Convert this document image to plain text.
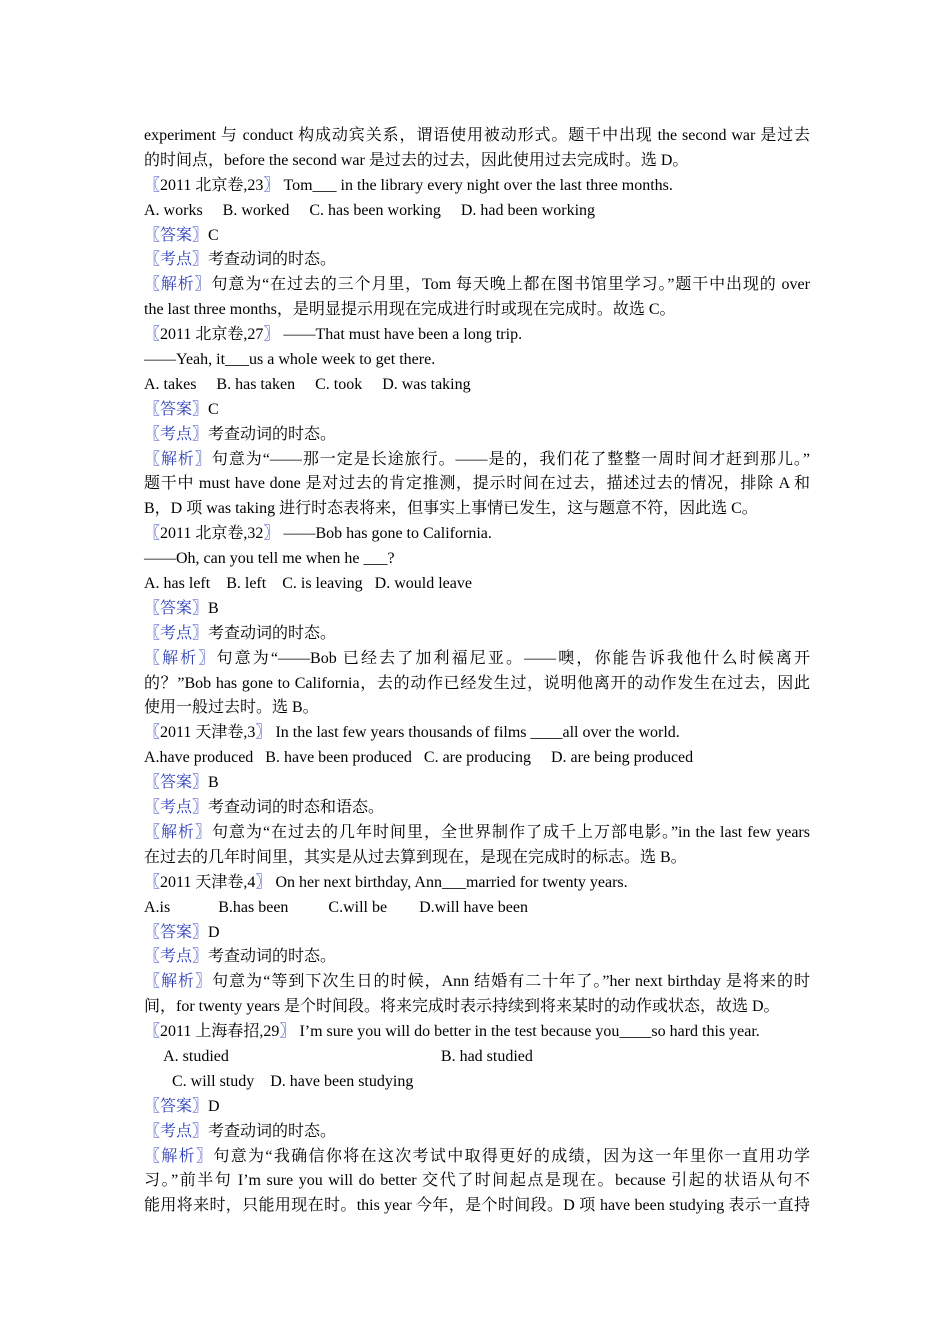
experiment 与 conduct 构成动宾关系，谓语使用被动形式。题干中出现 the second war 是过去
的时间点，before the second war 是过去的过去，因此使用过去完成时。选 D。
〖2011 北京卷,23〗 Tom___ in the library every night over the last three months.
A. works     B. worked     C. has been working     D. had been working
〖答案〗C
〖考点〗考查动词的时态。
〖解析〗句意为“在过去的三个月里，Tom 每天晚上都在图书馆里学习。”题干中出现的 over
the last three months，是明显提示用现在完成进行时或现在完成时。故选 C。
〖2011 北京卷,27〗 ——That must have been a long trip.
——Yeah, it___us a whole week to get there.
A. takes     B. has taken     C. took     D. was taking
〖答案〗C
〖考点〗考查动词的时态。
〖解析〗句意为“——那一定是长途旅行。——是的，我们花了整整一周时间才赶到那儿。”
题干中 must have done 是对过去的肯定推测，提示时间在过去，描述过去的情况，排除 A 和
B，D 项 was taking 进行时态表将来，但事实上事情已发生，这与题意不符，因此选 C。
〖2011 北京卷,32〗 ——Bob has gone to California.
——Oh, can you tell me when he ___?
A. has left    B. left    C. is leaving   D. would leave
〖答案〗B
〖考点〗考查动词的时态。
〖解析〗句意为“——Bob 已经去了加利福尼亚。——噢，你能告诉我他什么时候离开
的？”Bob has gone to California，去的动作已经发生过，说明他离开的动作发生在过去，因此
使用一般过去时。选 B。
〖2011 天津卷,3〗 In the last few years thousands of films ____all over the world.
A.have produced   B. have been produced   C. are producing     D. are being produced
〖答案〗B
〖考点〗考查动词的时态和语态。
〖解析〗句意为“在过去的几年时间里，全世界制作了成千上万部电影。”in the last few years
在过去的几年时间里，其实是从过去算到现在，是现在完成时的标志。选 B。
〖2011 天津卷,4〗 On her next birthday, Ann___married for twenty years.
A.is            B.has been          C.will be        D.will have been
〖答案〗D
〖考点〗考查动词的时态。
〖解析〗句意为“等到下次生日的时候，Ann 结婚有二十年了。”her next birthday 是将来的时
间，for twenty years 是个时间段。将来完成时表示持续到将来某时的动作或状态，故选 D。
〖2011 上海春招,29〗 I’m sure you will do better in the test because you____so hard this year.
A. studied                                                     B. had studied
C. will study    D. have been studying
〖答案〗D
〖考点〗考查动词的时态。
〖解析〗句意为“我确信你将在这次考试中取得更好的成绩，因为这一年里你一直用功学
习。”前半句 I’m sure you will do better 交代了时间起点是现在。because 引起的状语从句不
能用将来时，只能用现在时。this year 今年，是个时间段。D 项 have been studying 表示一直持
